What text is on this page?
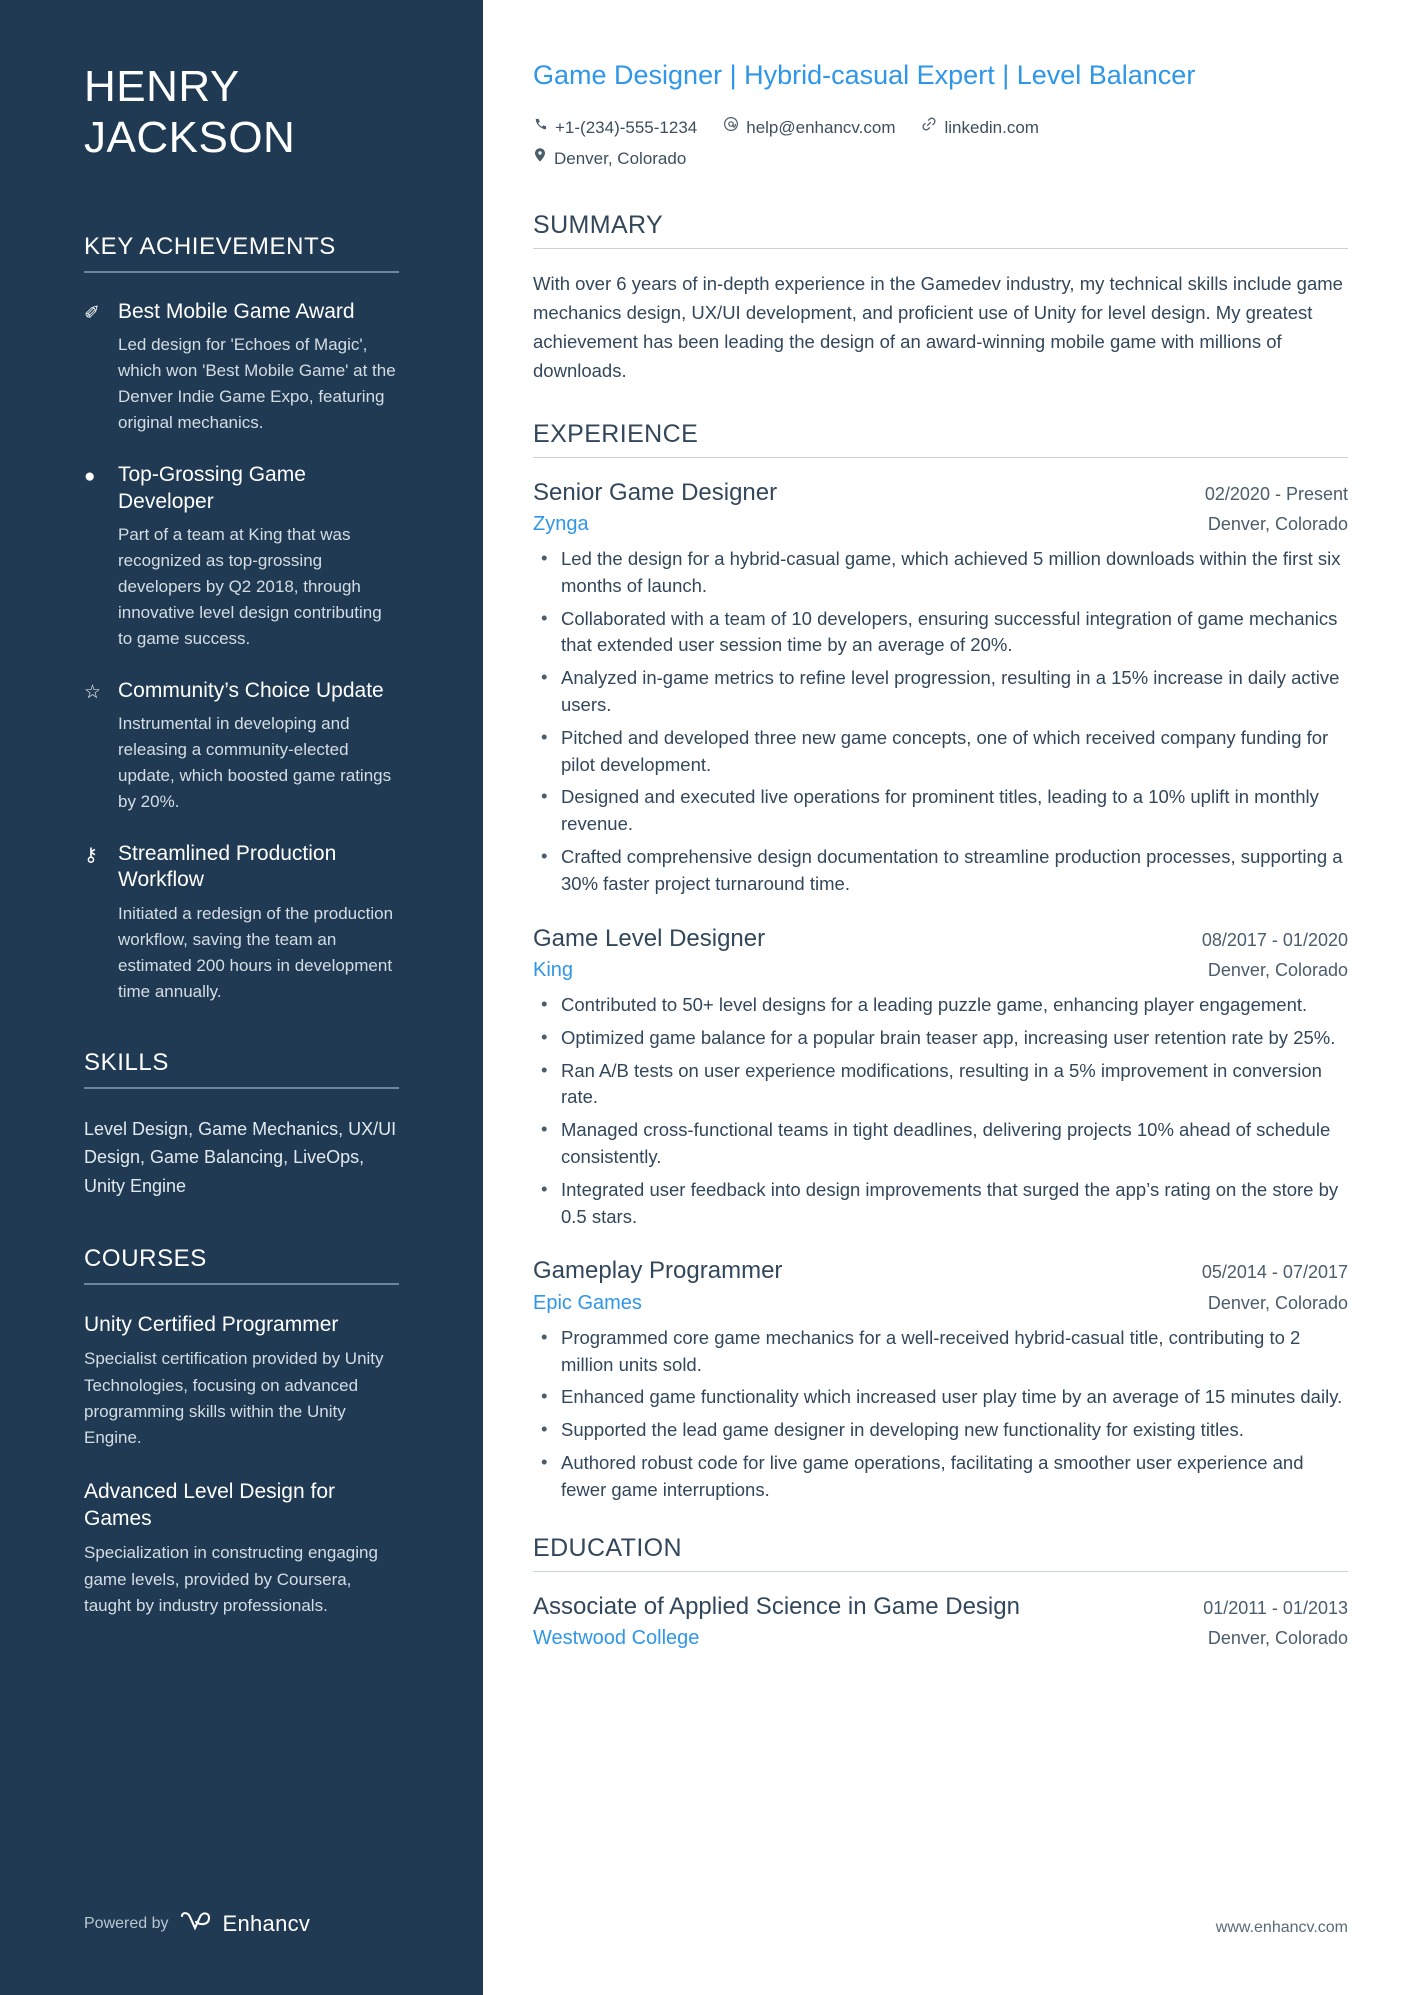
HENRY
JACKSON
KEY ACHIEVEMENTS
✐ Best Mobile Game Award

Led design for 'Echoes of Magic', which won 'Best Mobile Game' at the Denver Indie Game Expo, featuring original mechanics.

●	Top-Grossing Game Developer

Part of a team at King that was recognized as top-grossing developers by Q2 2018, through innovative level design contributing to game success.

☆ Community’s Choice Update

Instrumental in developing and releasing a community-elected update, which boosted game ratings by 20%.

⚷ Streamlined Production Workflow

Initiated a redesign of the production workflow, saving the team an estimated 200 hours in development time annually.

SKILLS

Level Design, Game Mechanics, UX/UI Design, Game Balancing, LiveOps, Unity Engine

COURSES
Unity Certified Programmer

Specialist certification provided by Unity Technologies, focusing on advanced programming skills within the Unity Engine.

Advanced Level Design for Games

Specialization in constructing engaging game levels, provided by Coursera, taught by industry professionals.

Powered by Enhancv
Game Designer | Hybrid-casual Expert | Level Balancer
+1-(234)-555-1234	help@enhancv.com	linkedin.com
Denver, Colorado
SUMMARY

With over 6 years of in-depth experience in the Gamedev industry, my technical skills include game mechanics design, UX/UI development, and proficient use of Unity for level design. My greatest achievement has been leading the design of an award-winning mobile game with millions of downloads.

EXPERIENCE
Senior Game Designer	02/2020 - Present
Zynga	Denver, Colorado
• Led the design for a hybrid-casual game, which achieved 5 million downloads within the first six months of launch.
• Collaborated with a team of 10 developers, ensuring successful integration of game mechanics that extended user session time by an average of 20%.
• Analyzed in-game metrics to refine level progression, resulting in a 15% increase in daily active users.
• Pitched and developed three new game concepts, one of which received company funding for pilot development.
• Designed and executed live operations for prominent titles, leading to a 10% uplift in monthly revenue.
• Crafted comprehensive design documentation to streamline production processes, supporting a 30% faster project turnaround time.
Game Level Designer	08/2017 - 01/2020
King	Denver, Colorado
• Contributed to 50+ level designs for a leading puzzle game, enhancing player engagement.
• Optimized game balance for a popular brain teaser app, increasing user retention rate by 25%.
• Ran A/B tests on user experience modifications, resulting in a 5% improvement in conversion rate.
• Managed cross-functional teams in tight deadlines, delivering projects 10% ahead of schedule consistently.
• Integrated user feedback into design improvements that surged the app’s rating on the store by 0.5 stars.
Gameplay Programmer	05/2014 - 07/2017
Epic Games	Denver, Colorado
• Programmed core game mechanics for a well-received hybrid-casual title, contributing to 2 million units sold.
• Enhanced game functionality which increased user play time by an average of 15 minutes daily.
• Supported the lead game designer in developing new functionality for existing titles.
• Authored robust code for live game operations, facilitating a smoother user experience and fewer game interruptions.
EDUCATION
Associate of Applied Science in Game Design	01/2011 - 01/2013
Westwood College	Denver, Colorado
www.enhancv.com
